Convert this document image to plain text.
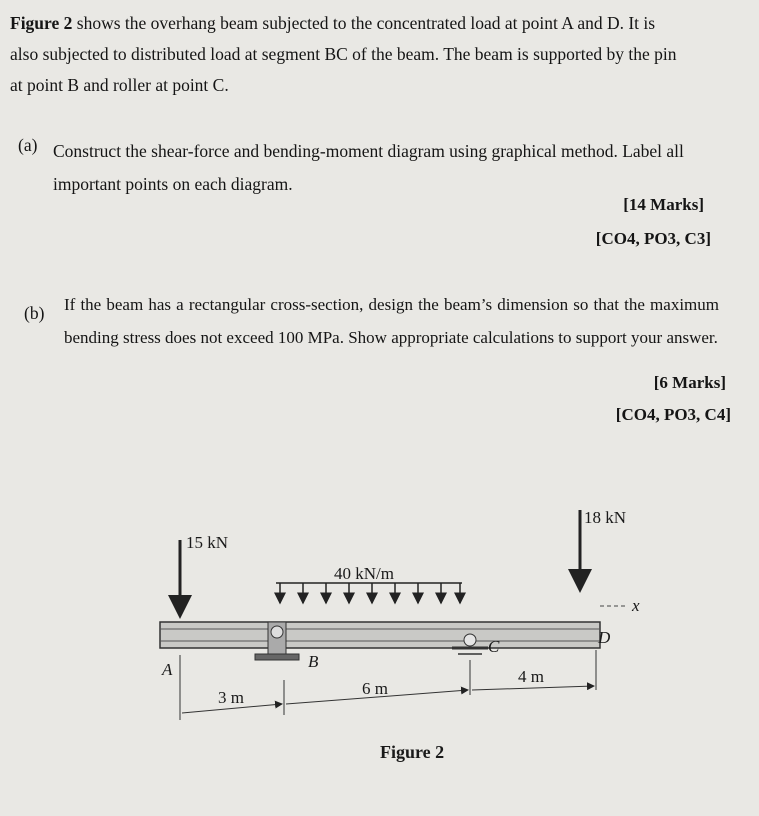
Figure 2 shows the overhang beam subjected to the concentrated load at point A and D. It is
also subjected to distributed load at segment BC of the beam. The beam is supported by the pin
at point B and roller at point C.
(a) Construct the shear-force and bending-moment diagram using graphical method. Label all important points on each diagram.
[14 Marks]
[CO4, PO3, C3]
(b) If the beam has a rectangular cross-section, design the beam’s dimension so that the maximum bending stress does not exceed 100 MPa. Show appropriate calculations to support your answer.
[6 Marks]
[CO4, PO3, C4]
x
15 kN
18 kN
40 kN/m
B
C
A
D
3 m	6 m
4 m
Figure 2
